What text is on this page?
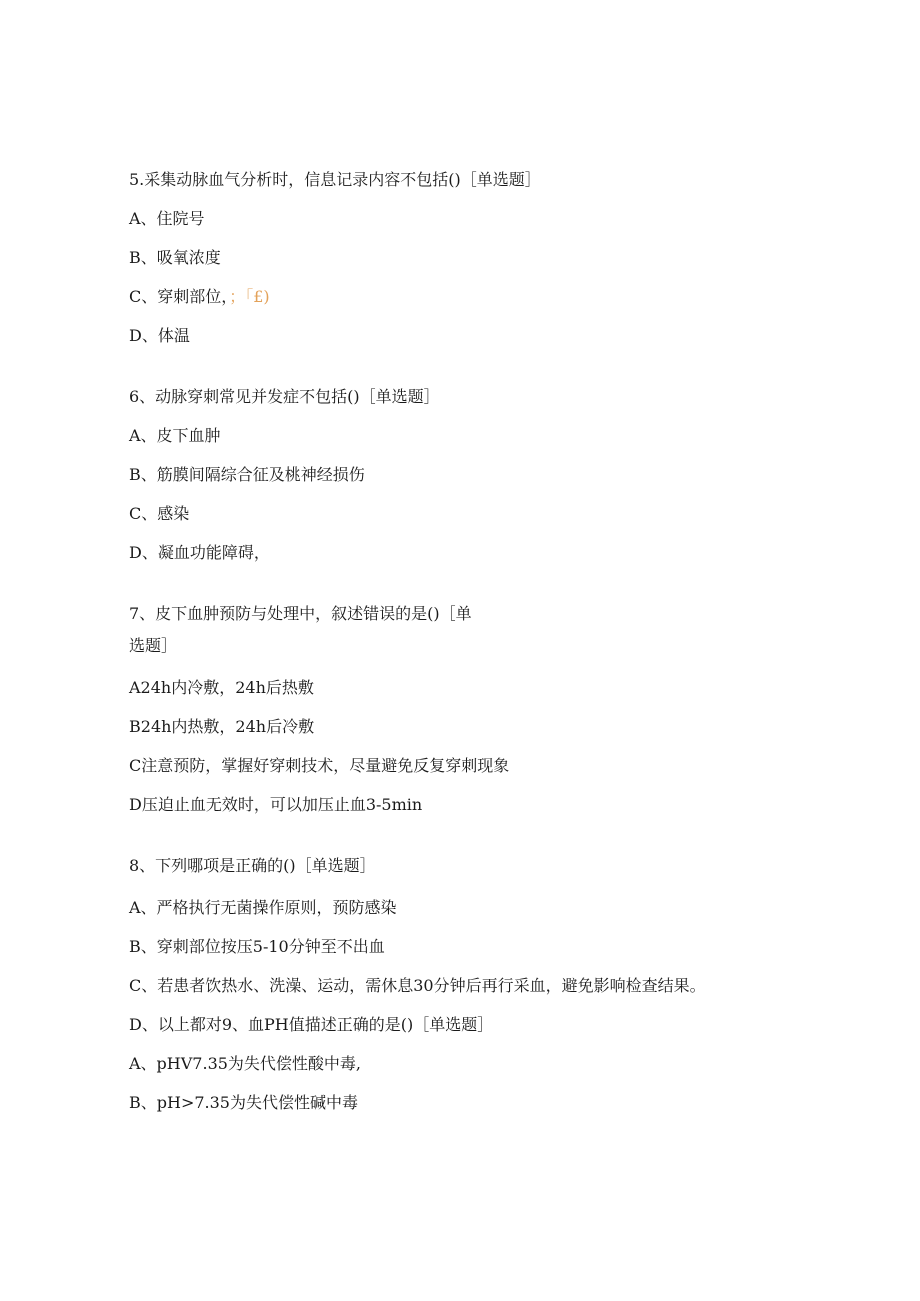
5.采集动脉血气分析时，信息记录内容不包括()［单选题］
A、住院号
B、吸氧浓度
C、穿刺部位，；「£)
D、体温
6、动脉穿刺常见并发症不包括()［单选题］
A、皮下血肿
B、筋膜间隔综合征及桃神经损伤
C、感染
D、凝血功能障碍，
7、皮下血肿预防与处理中，叙述错误的是()［单
选题］
A24h内冷敷，24h后热敷
B24h内热敷，24h后冷敷
C注意预防，掌握好穿刺技术，尽量避免反复穿刺现象
D压迫止血无效时，可以加压止血3-5min
8、下列哪项是正确的()［单选题］
A、严格执行无菌操作原则，预防感染
B、穿刺部位按压5-10分钟至不出血
C、若患者饮热水、洗澡、运动，需休息30分钟后再行采血，避免影响检查结果。
D、以上都对9、血PH值描述正确的是()［单选题］
A、pHV7.35为失代偿性酸中毒,
B、pH>7.35为失代偿性碱中毒
